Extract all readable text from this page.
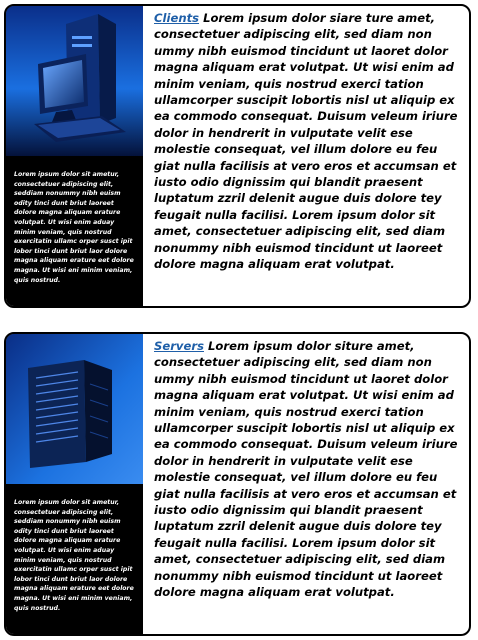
Lorem ipsum dolor sit ametur, consectetuer adipiscing elit, seddiam nonummy nibh euism odity tinci dunt briut laoreet dolore magna aliquam erature volutpat. Ut wisi enim aduay minim veniam, quis nostrud exercitatin ullamc orper susct ipit lobor tinci dunt briut laor dolore magna aliquam erature eet dolore magna. Ut wisi eni minim veniam, quis nostrud.
Clients Lorem ipsum dolor siare ture amet, consectetuer adipiscing elit, sed diam non ummy nibh euismod tincidunt ut laoret dolor magna aliquam erat volutpat. Ut wisi enim ad minim veniam, quis nostrud exerci tation ullamcorper suscipit lobortis nisl ut aliquip ex ea commodo consequat. Duisum veleum iriure dolor in hendrerit in vulputate velit ese molestie consequat, vel illum dolore eu feu giat nulla facilisis at vero eros et accumsan et iusto odio dignissim qui blandit praesent luptatum zzril delenit augue duis dolore tey feugait nulla facilisi. Lorem ipsum dolor sit amet, consectetuer adipiscing elit, sed diam nonummy nibh euismod tincidunt ut laoreet dolore magna aliquam erat volutpat.
Lorem ipsum dolor sit ametur, consectetuer adipiscing elit, seddiam nonummy nibh euism odity tinci dunt briut laoreet dolore magna aliquam erature volutpat. Ut wisi enim aduay minim veniam, quis nostrud exercitatin ullamc orper susct ipit lobor tinci dunt briut laor dolore magna aliquam erature eet dolore magna. Ut wisi eni minim veniam, quis nostrud.
Servers Lorem ipsum dolor siture amet, consectetuer adipiscing elit, sed diam non ummy nibh euismod tincidunt ut laoret dolor magna aliquam erat volutpat. Ut wisi enim ad minim veniam, quis nostrud exerci tation ullamcorper suscipit lobortis nisl ut aliquip ex ea commodo consequat. Duisum veleum iriure dolor in hendrerit in vulputate velit ese molestie consequat, vel illum dolore eu feu giat nulla facilisis at vero eros et accumsan et iusto odio dignissim qui blandit praesent luptatum zzril delenit augue duis dolore tey feugait nulla facilisi. Lorem ipsum dolor sit amet, consectetuer adipiscing elit, sed diam nonummy nibh euismod tincidunt ut laoreet dolore magna aliquam erat volutpat.
